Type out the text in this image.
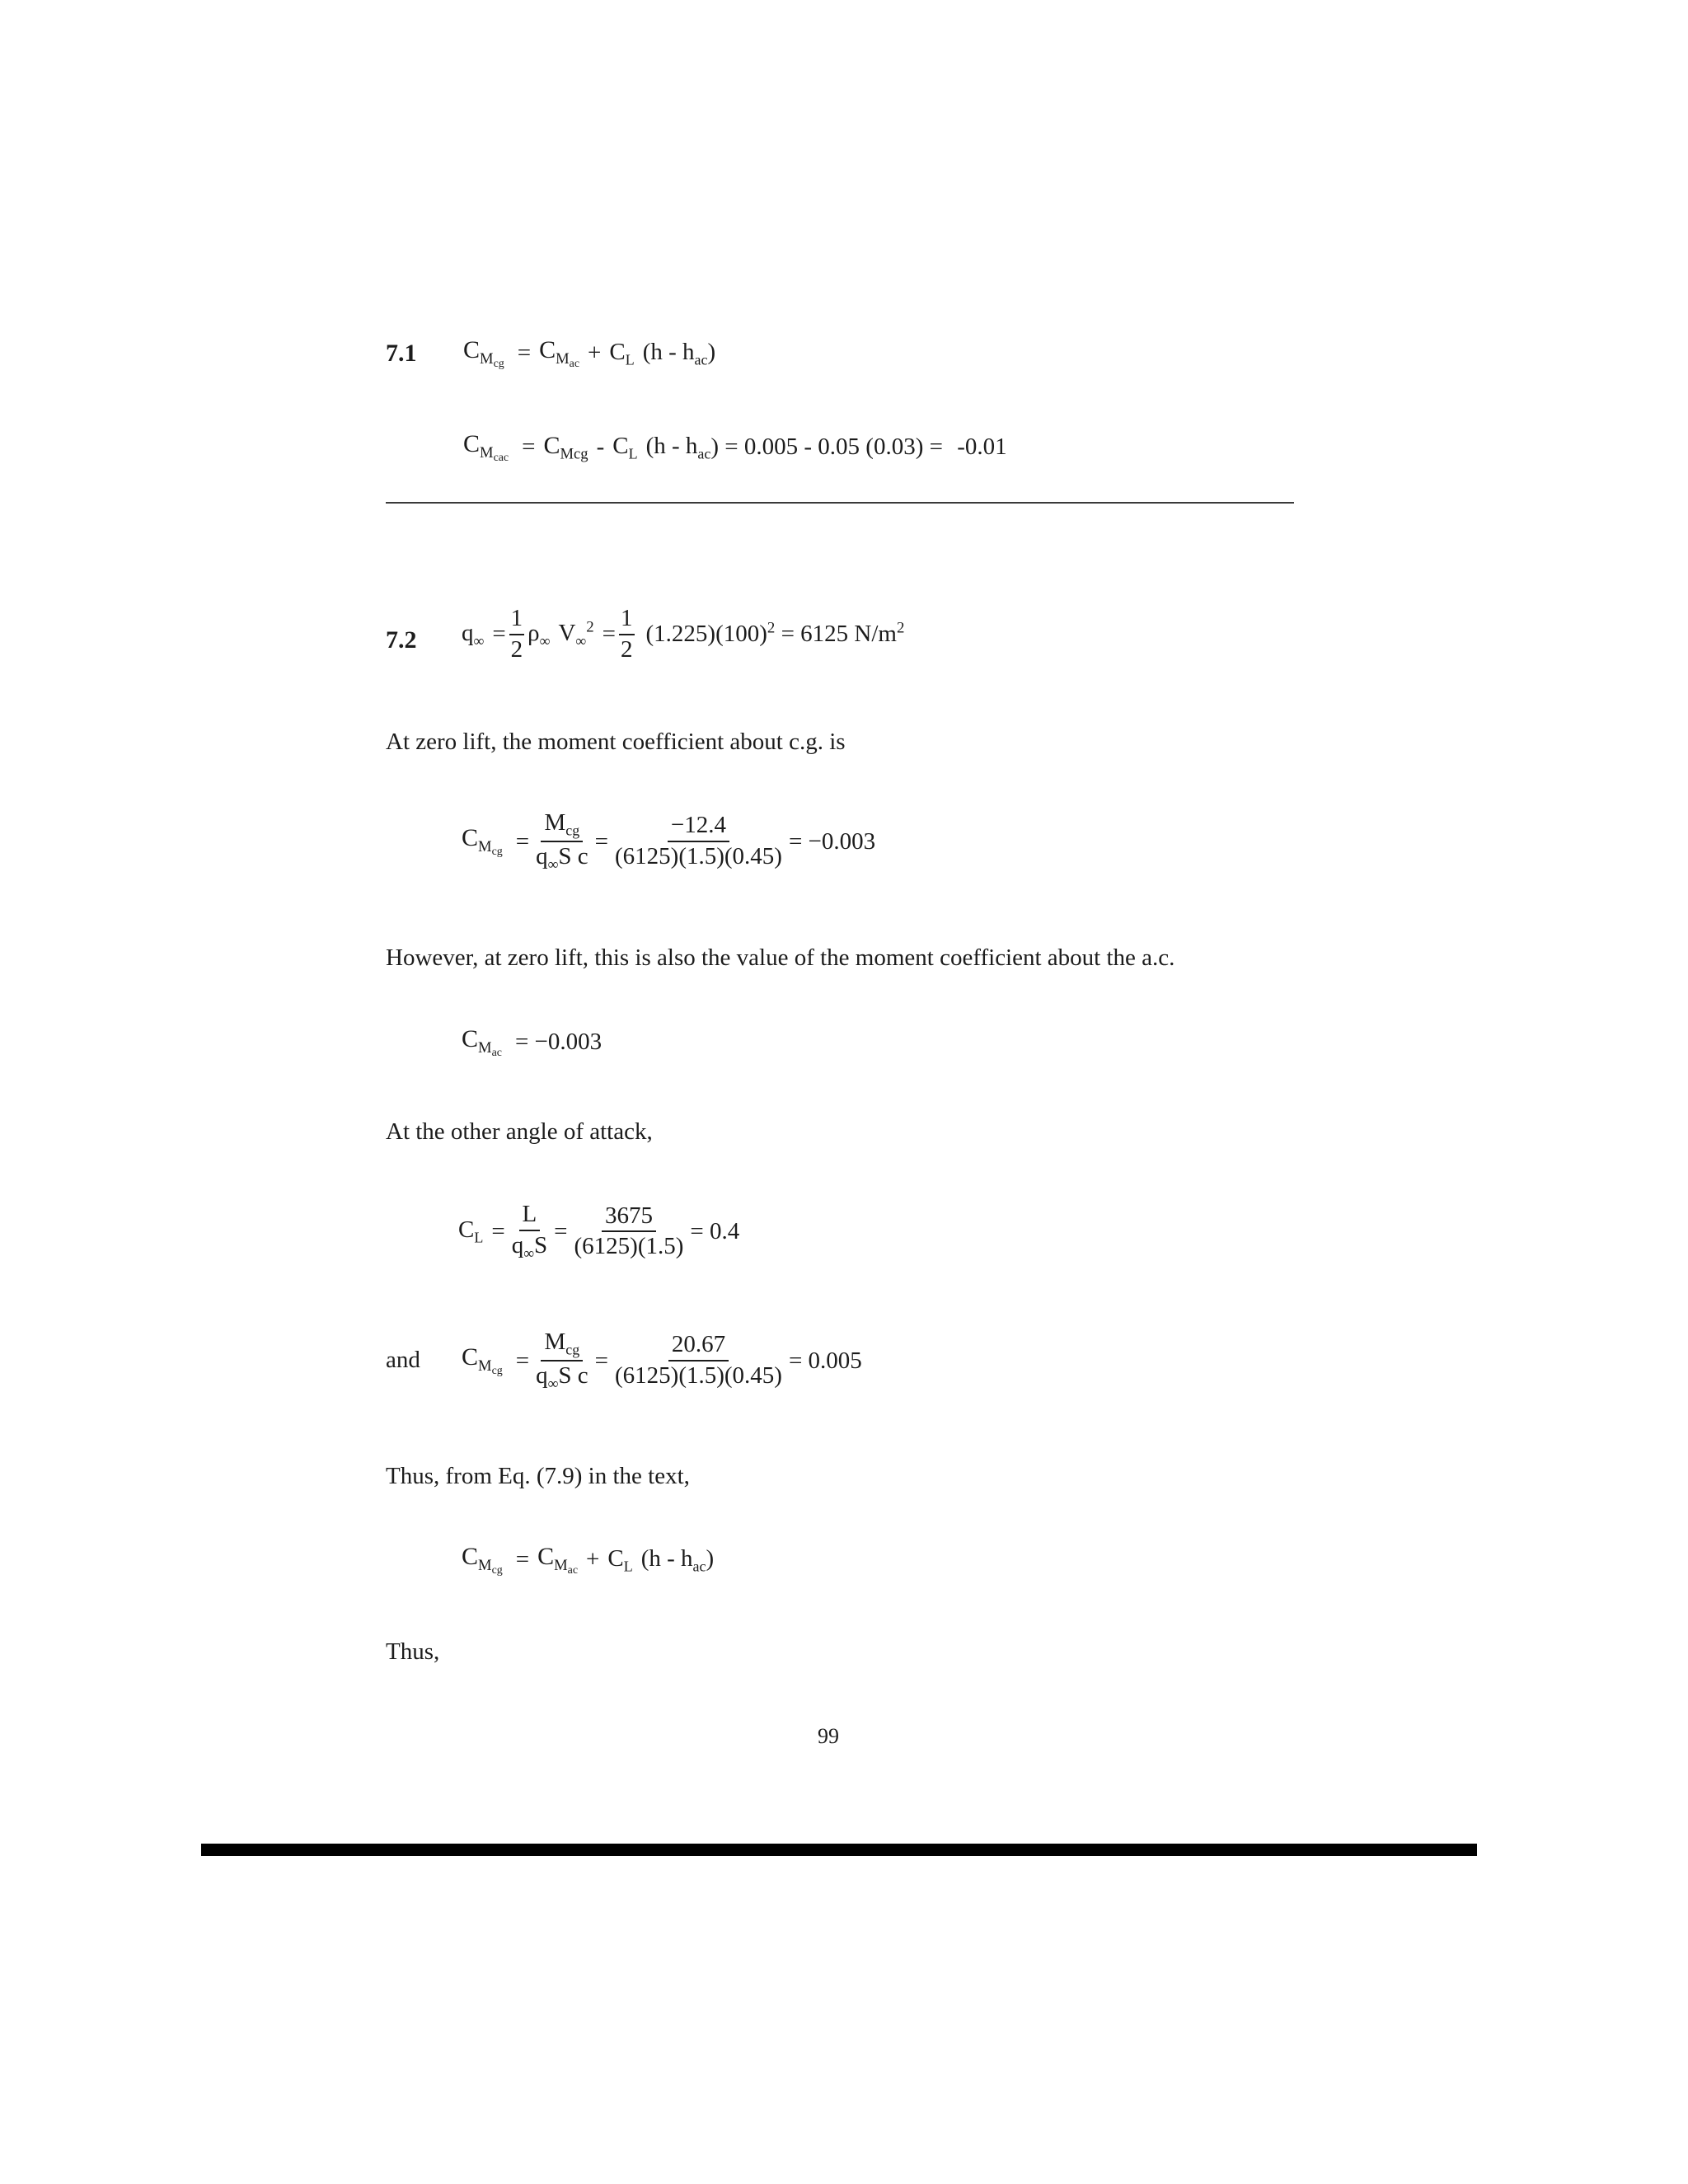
7.1 $C_{M_{cg}} = C_{M_{ac}} + C_L$ $(h - h_{ac})$
$C_{M_{cac}} = C_{Mcg} - C_L$ ($h - h_{ac}$ ) = 0.005 - 0.05 (0.03) = -0.01
7.2 $q_\infty = \frac{1}{2} \rho_\infty$ $V_\infty^2 = \frac{1}{2} (1.225)(100)^2 = 6125$ $N/m^2$
At zero lift, the moment coefficient about c.g. is
$C_{M_{cg}} = \frac{M_{cg}}{q_\infty S c} = \frac{-12.4}{(6125)(1.5)(0.45)} = -0.003$
However, at zero lift, this is also the value of the moment coefficient about the a.c.
$C_{M_{ac}} = -0.003$
At the other angle of attack,
$C_L = \frac{L}{q_\infty S} = \frac{3675}{(6125)(1.5)} = 0.4$
and $C_{M_{cg}} = \frac{M_{cg}}{q_\infty S c} = \frac{20.67}{(6125)(1.5)(0.45)} = 0.005$
Thus, from Eq. (7.9) in the text,
$C_{M_{cg}} = C_{M_{ac}} + C_L$ $(h - h_{ac})$
Thus,
99
